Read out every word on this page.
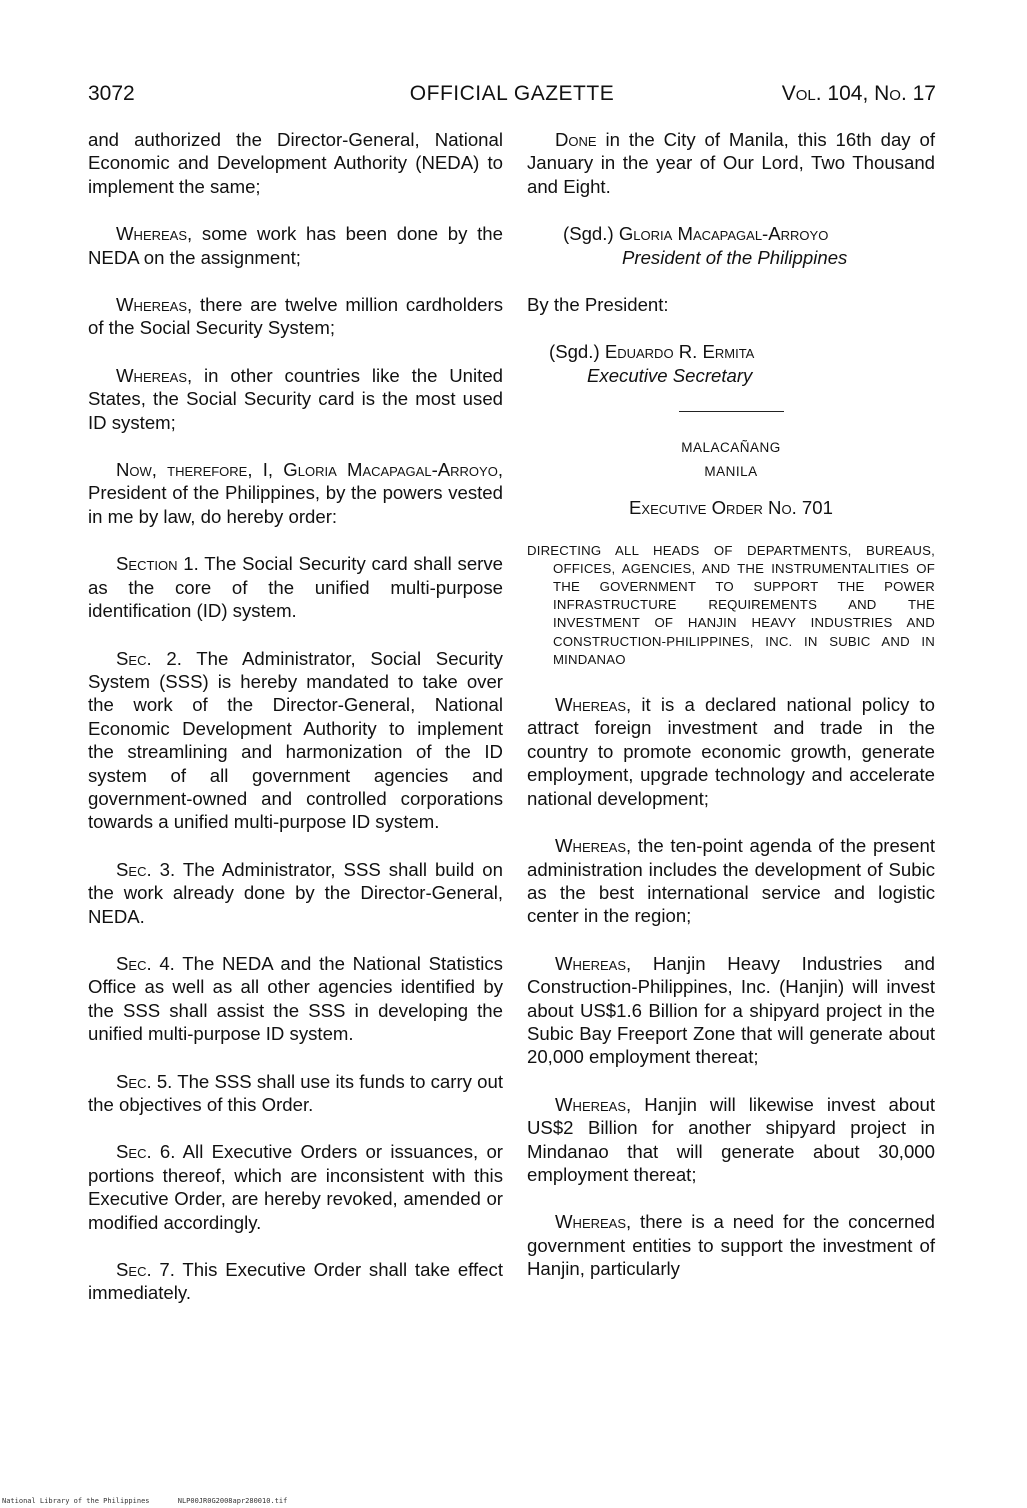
3072	OFFICIAL GAZETTE	Vol. 104, No. 17

and authorized the Director-General, National Economic and Development Authority (NEDA) to implement the same;

Whereas, some work has been done by the NEDA on the assignment;

Whereas, there are twelve million cardholders of the Social Security System;

Whereas, in other countries like the United States, the Social Security card is the most used ID system;

Now, therefore, I, Gloria Macapagal-Arroyo, President of the Philippines, by the powers vested in me by law, do hereby order:

Section 1. The Social Security card shall serve as the core of the unified multi-purpose identification (ID) system.

Sec. 2. The Administrator, Social Security System (SSS) is hereby mandated to take over the work of the Director-General, National Economic Development Authority to implement the streamlining and harmonization of the ID system of all government agencies and government-owned and controlled corporations towards a unified multi-purpose ID system.

Sec. 3. The Administrator, SSS shall build on the work already done by the Director-General, NEDA.

Sec. 4. The NEDA and the National Statistics Office as well as all other agencies identified by the SSS shall assist the SSS in developing the unified multi-purpose ID system.

Sec. 5. The SSS shall use its funds to carry out the objectives of this Order.

Sec. 6. All Executive Orders or issuances, or portions thereof, which are inconsistent with this Executive Order, are hereby revoked, amended or modified accordingly.

Sec. 7. This Executive Order shall take effect immediately.

Done in the City of Manila, this 16th day of January in the year of Our Lord, Two Thousand and Eight.

(Sgd.) Gloria Macapagal-Arroyo
President of the Philippines

By the President:

(Sgd.) Eduardo R. Ermita
Executive Secretary
MALACAÑANG
MANILA
Executive Order No. 701

DIRECTING ALL HEADS OF DEPARTMENTS, BUREAUS, OFFICES, AGENCIES, AND THE INSTRUMENTALITIES OF THE GOVERNMENT TO SUPPORT THE POWER INFRASTRUCTURE REQUIREMENTS AND THE INVESTMENT OF HANJIN HEAVY INDUSTRIES AND CONSTRUCTION-PHILIPPINES, INC. IN SUBIC AND IN MINDANAO

Whereas, it is a declared national policy to attract foreign investment and trade in the country to promote economic growth, generate employment, upgrade technology and accelerate national development;

Whereas, the ten-point agenda of the present administration includes the development of Subic as the best international service and logistic center in the region;

Whereas, Hanjin Heavy Industries and Construction-Philippines, Inc. (Hanjin) will invest about US$1.6 Billion for a shipyard project in the Subic Bay Freeport Zone that will generate about 20,000 employment thereat;

Whereas, Hanjin will likewise invest about US$2 Billion for another shipyard project in Mindanao that will generate about 30,000 employment thereat;

Whereas, there is a need for the concerned government entities to support the investment of Hanjin, particularly

National Library of the Philippines	NLP00JR0G2008apr280010.tif
